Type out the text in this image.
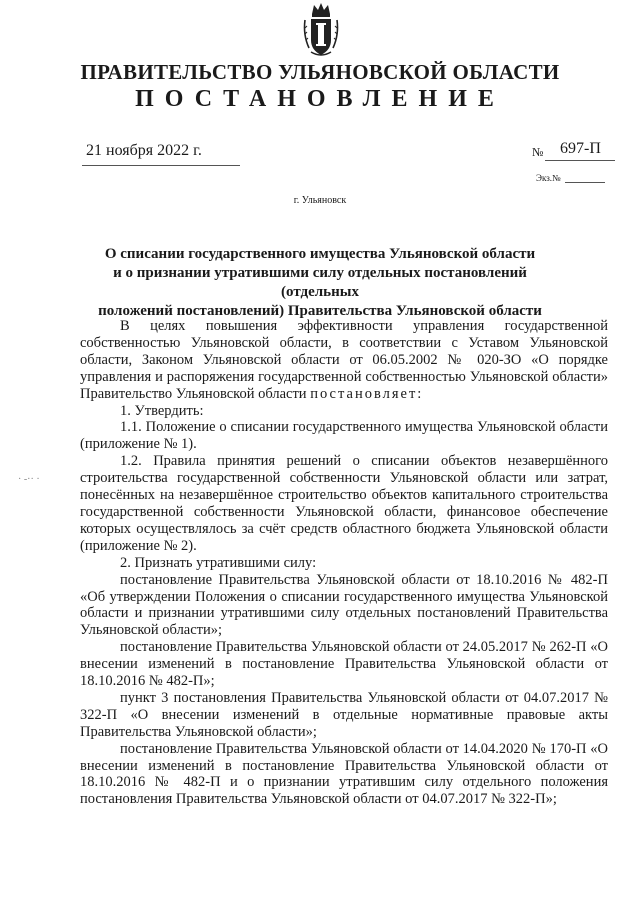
ПРАВИТЕЛЬСТВО УЛЬЯНОВСКОЙ ОБЛАСТИ
ПОСТАНОВЛЕНИЕ
21 ноября 2022 г.	№ 697-П
Экз.№
г. Ульяновск
О списании государственного имущества Ульяновской области
и о признании утратившими силу отдельных постановлений (отдельных
положений постановлений) Правительства Ульяновской области

В целях повышения эффективности управления государственной собственностью Ульяновской области, в соответствии с Уставом Ульяновской области, Законом Ульяновской области от 06.05.2002 № 020-ЗО «О порядке управления и распоряжения государственной собственностью Ульяновской области» Правительство Ульяновской области постановляет:

1. Утвердить:

1.1. Положение о списании государственного имущества Ульяновской области (приложение № 1).

1.2. Правила принятия решений о списании объектов незавершённого строительства государственной собственности Ульяновской области или затрат, понесённых на незавершённое строительство объектов капитального строительства государственной собственности Ульяновской области, финансовое обеспечение которых осуществлялось за счёт средств областного бюджета Ульяновской области (приложение № 2).

2. Признать утратившими силу:

постановление Правительства Ульяновской области от 18.10.2016 № 482-П «Об утверждении Положения о списании государственного имущества Ульяновской области и признании утратившими силу отдельных постановлений Правительства Ульяновской области»;

постановление Правительства Ульяновской области от 24.05.2017 № 262-П «О внесении изменений в постановление Правительства Ульяновской области от 18.10.2016 № 482-П»;

пункт 3 постановления Правительства Ульяновской области от 04.07.2017 № 322-П «О внесении изменений в отдельные нормативные правовые акты Правительства Ульяновской области»;

постановление Правительства Ульяновской области от 14.04.2020 № 170-П «О внесении изменений в постановление Правительства Ульяновской области от 18.10.2016 № 482-П и о признании утратившим силу отдельного положения постановления Правительства Ульяновской области от 04.07.2017 № 322-П»;

· -·· ·
